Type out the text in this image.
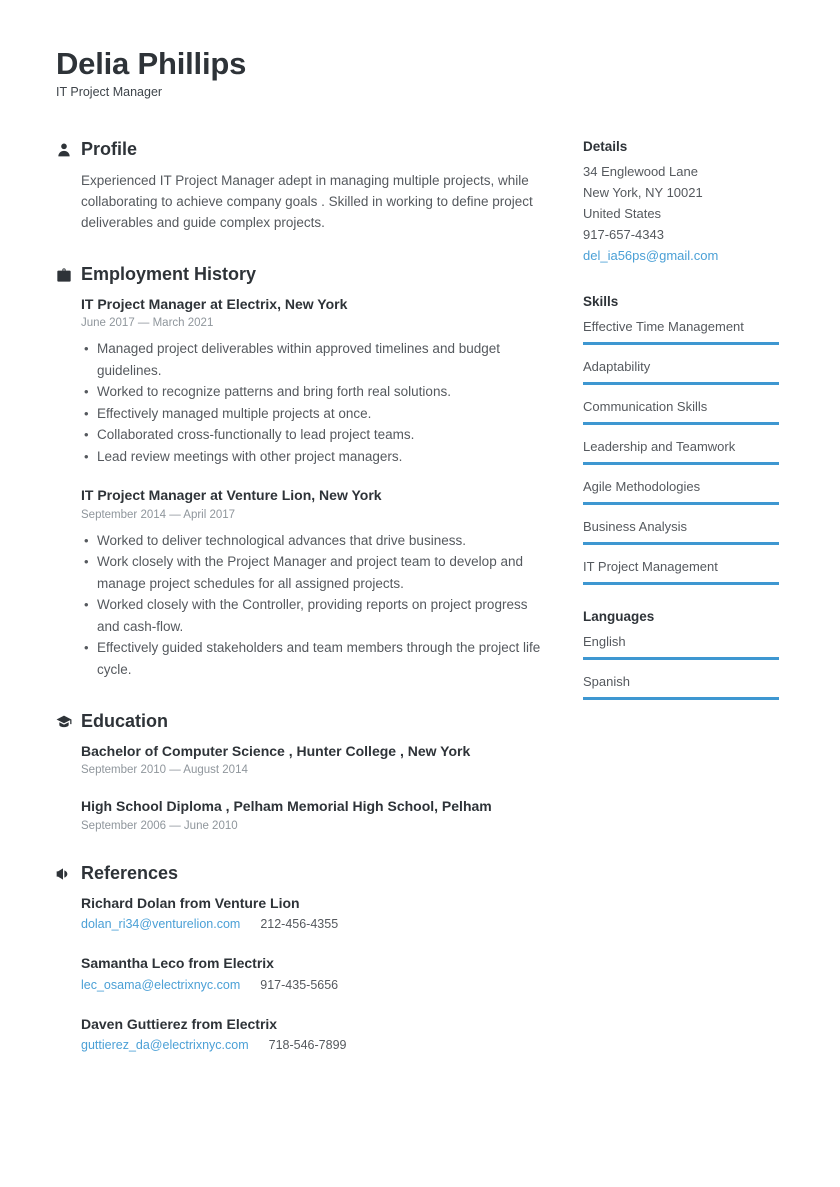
Delia Phillips
IT Project Manager
Profile

Experienced IT Project Manager adept in managing multiple projects, while collaborating to achieve company goals . Skilled in working to define project deliverables and guide complex projects.

Employment History
IT Project Manager at Electrix, New York
June 2017 — March 2021
• Managed project deliverables within approved timelines and budget guidelines.
• Worked to recognize patterns and bring forth real solutions.
• Effectively managed multiple projects at once.
• Collaborated cross-functionally to lead project teams.
• Lead review meetings with other project managers.
IT Project Manager at Venture Lion, New York
September 2014 — April 2017
• Worked to deliver technological advances that drive business.
• Work closely with the Project Manager and project team to develop and manage project schedules for all assigned projects.
• Worked closely with the Controller, providing reports on project progress and cash-flow.
• Effectively guided stakeholders and team members through the project life cycle.
Education
Bachelor of Computer Science , Hunter College , New York
September 2010 — August 2014
High School Diploma , Pelham Memorial High School, Pelham
September 2006 — June 2010
References
Richard Dolan from Venture Lion
dolan_ri34@venturelion.com 212-456-4355
Samantha Leco from Electrix
lec_osama@electrixnyc.com 917-435-5656
Daven Guttierez from Electrix
guttierez_da@electrixnyc.com 718-546-7899
Details
34 Englewood Lane
New York, NY 10021
United States
917-657-4343
del_ia56ps@gmail.com
Skills
Effective Time Management
Adaptability
Communication Skills
Leadership and Teamwork
Agile Methodologies
Business Analysis
IT Project Management
Languages
English
Spanish
